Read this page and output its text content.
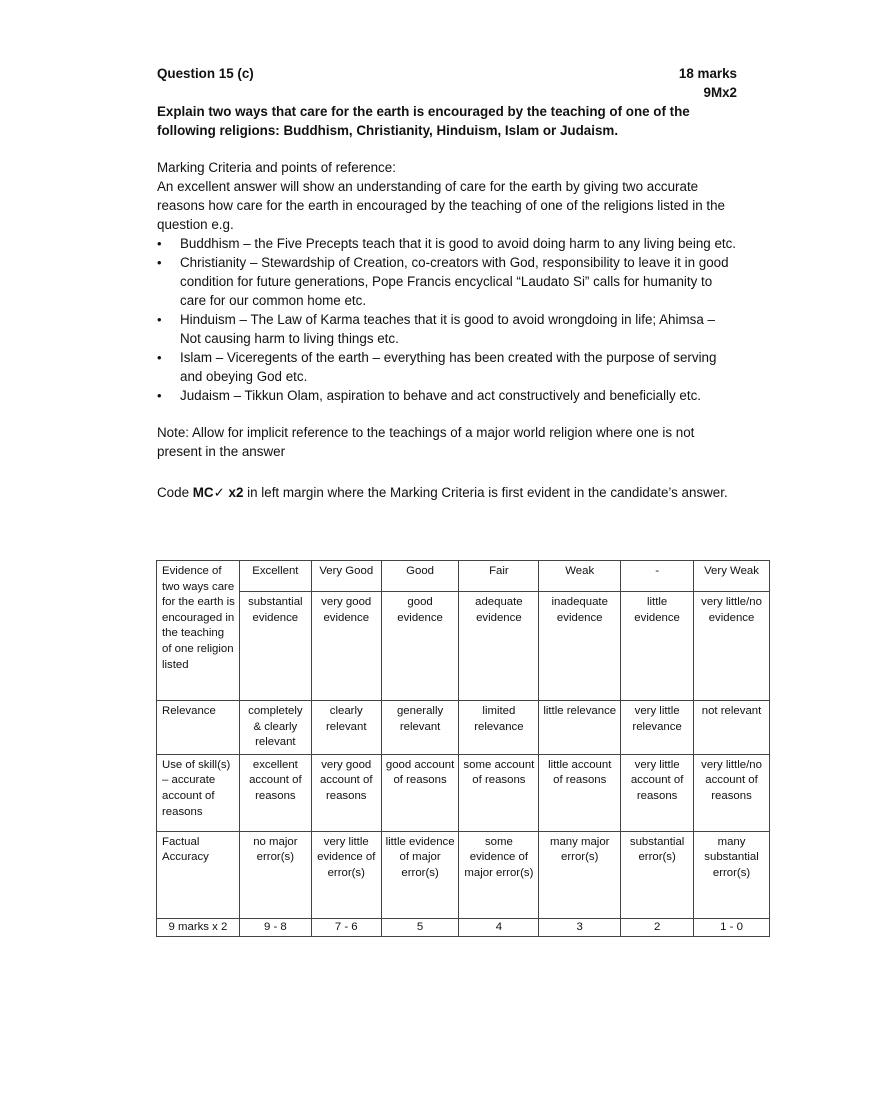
Question 15 (c)	18 marks
9Mx2

Explain two ways that care for the earth is encouraged by the teaching of one of the following religions: Buddhism, Christianity, Hinduism, Islam or Judaism.

Marking Criteria and points of reference:

An excellent answer will show an understanding of care for the earth by giving two accurate reasons how care for the earth in encouraged by the teaching of one of the religions listed in the question e.g.

• Buddhism – the Five Precepts teach that it is good to avoid doing harm to any living being etc.
• Christianity – Stewardship of Creation, co-creators with God, responsibility to leave it in good condition for future generations, Pope Francis encyclical “Laudato Si” calls for humanity to care for our common home etc.
• Hinduism – The Law of Karma teaches that it is good to avoid wrongdoing in life; Ahimsa – Not causing harm to living things etc.
• Islam – Viceregents of the earth – everything has been created with the purpose of serving and obeying God etc.
• Judaism – Tikkun Olam, aspiration to behave and act constructively and beneficially etc.

Note: Allow for implicit reference to the teachings of a major world religion where one is not present in the answer

Code MC✓ x2 in left margin where the Marking Criteria is first evident in the candidate’s answer.

Evidence of two ways care for the earth is encouraged in the teaching of one religion listed	Excellent	Very Good	Good	Fair	Weak	-	Very Weak
	substantial evidence	very good evidence	good evidence	adequate evidence	inadequate evidence	little evidence	very little/no evidence
Relevance	completely & clearly relevant	clearly relevant	generally relevant	limited relevance	little relevance	very little relevance	not relevant
Use of skill(s) – accurate account of reasons	excellent account of reasons	very good account of reasons	good account of reasons	some account of reasons	little account of reasons	very little account of reasons	very little/no account of reasons
Factual Accuracy	no major error(s)	very little evidence of error(s)	little evidence of major error(s)	some evidence of major error(s)	many major error(s)	substantial error(s)	many substantial error(s)
9 marks x 2	9 - 8	7 - 6	5	4	3	2	1 - 0
